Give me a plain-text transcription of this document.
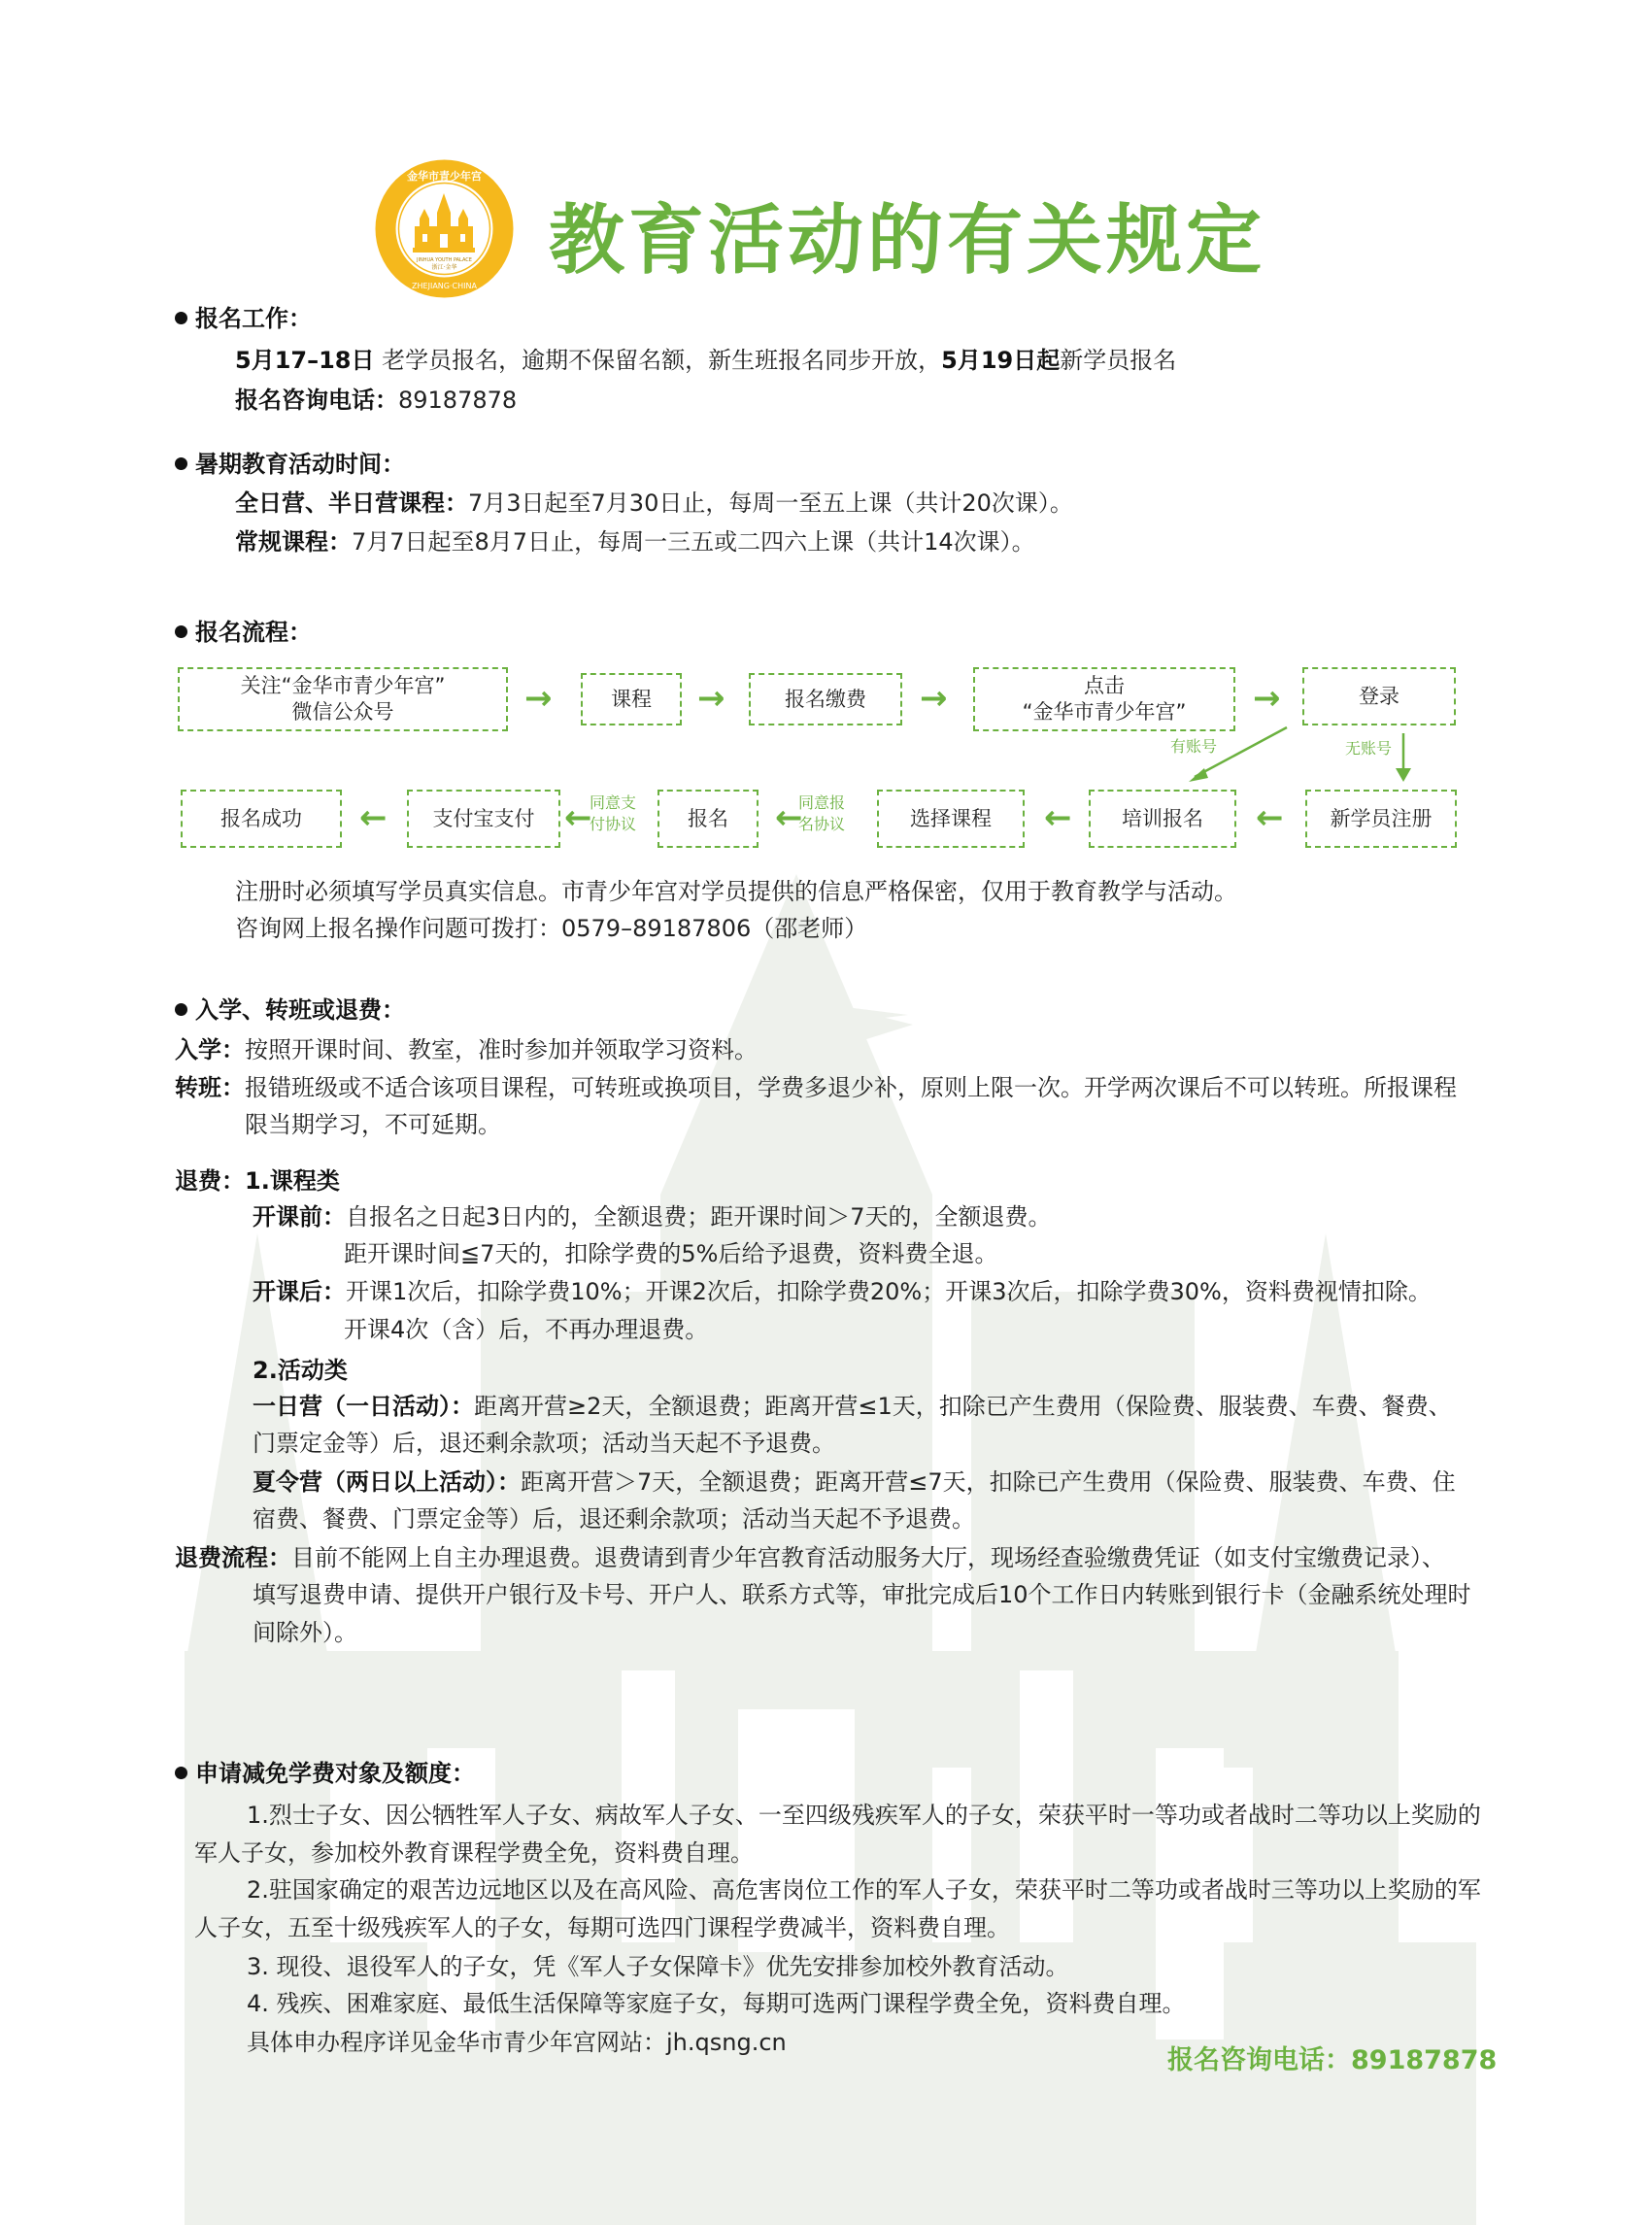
金华市青少年宫
JINHUA YOUTH PALACE
浙江·金华
ZHEJIANG·CHINA
教育活动的有关规定
报名工作：
5月17–18日 老学员报名，逾期不保留名额，新生班报名同步开放，5月19日起新学员报名
报名咨询电话：89187878
暑期教育活动时间：
全日营、半日营课程：7月3日起至7月30日止，每周一至五上课（共计20次课）。
常规课程：7月7日起至8月7日止，每周一三五或二四六上课（共计14次课）。
报名流程：
关注“金华市青少年宫”
微信公众号	→	课程	→	报名缴费	→	点击
“金华市青少年宫” →	登录
有账号	无账号
新学员注册
←
培训报名
←
选择课程
同意报
名协议
←
报名
同意支
付协议
←
支付宝支付
←
报名成功
注册时必须填写学员真实信息。市青少年宫对学员提供的信息严格保密，仅用于教育教学与活动。
咨询网上报名操作问题可拨打：0579–89187806（邵老师）
入学、转班或退费：
入学：按照开课时间、教室，准时参加并领取学习资料。
转班：报错班级或不适合该项目课程，可转班或换项目，学费多退少补，原则上限一次。开学两次课后不可以转班。所报课程
限当期学习，不可延期。
退费：1.课程类
开课前：自报名之日起3日内的，全额退费；距开课时间＞7天的，全额退费。
距开课时间≦7天的，扣除学费的5%后给予退费，资料费全退。
开课后：开课1次后，扣除学费10%；开课2次后，扣除学费20%；开课3次后，扣除学费30%，资料费视情扣除。
开课4次（含）后，不再办理退费。
2.活动类
一日营（一日活动）：距离开营≥2天，全额退费；距离开营≤1天，扣除已产生费用（保险费、服装费、车费、餐费、
门票定金等）后，退还剩余款项；活动当天起不予退费。
夏令营（两日以上活动）：距离开营＞7天，全额退费；距离开营≤7天，扣除已产生费用（保险费、服装费、车费、住
宿费、餐费、门票定金等）后，退还剩余款项；活动当天起不予退费。
退费流程：目前不能网上自主办理退费。退费请到青少年宫教育活动服务大厅，现场经查验缴费凭证（如支付宝缴费记录）、
填写退费申请、提供开户银行及卡号、开户人、联系方式等，审批完成后10个工作日内转账到银行卡（金融系统处理时
间除外）。
申请减免学费对象及额度：
1.烈士子女、因公牺牲军人子女、病故军人子女、一至四级残疾军人的子女，荣获平时一等功或者战时二等功以上奖励的
军人子女，参加校外教育课程学费全免，资料费自理。
2.驻国家确定的艰苦边远地区以及在高风险、高危害岗位工作的军人子女，荣获平时二等功或者战时三等功以上奖励的军
人子女，五至十级残疾军人的子女，每期可选四门课程学费减半，资料费自理。
3. 现役、退役军人的子女，凭《军人子女保障卡》优先安排参加校外教育活动。
4. 残疾、困难家庭、最低生活保障等家庭子女，每期可选两门课程学费全免，资料费自理。
具体申办程序详见金华市青少年宫网站：jh.qsng.cn
报名咨询电话：89187878
